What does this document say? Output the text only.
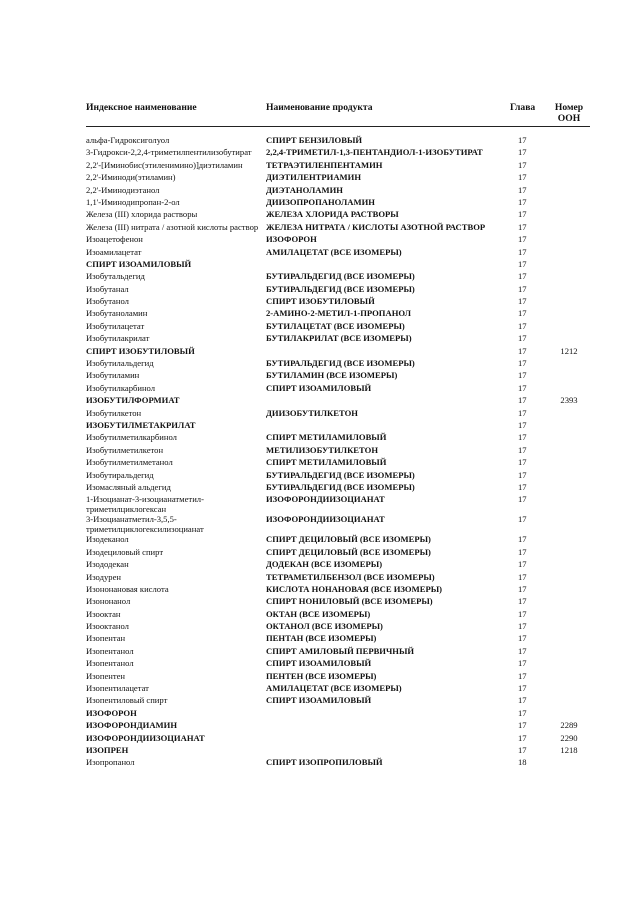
Индексное наименование	Наименование продукта	Глава	Номер ООН
альфа-Гидроксиголуол	СПИРТ БЕНЗИЛОВЫЙ	17	
3-Гидрокси-2,2,4-триметилпентилизобутират	2,2,4-ТРИМЕТИЛ-1,3-ПЕНТАНДИОЛ-1-ИЗОБУТИРАТ	17	
2,2'-[Иминобис(этиленимино)]диэтиламин	ТЕТРАЭТИЛЕНПЕНТАМИН	17	
2,2'-Иминоди(этиламин)	ДИЭТИЛЕНТРИАМИН	17	
2,2'-Иминодиэтанол	ДИЭТАНОЛАМИН	17	
1,1'-Иминодипропан-2-ол	ДИИЗОПРОПАНОЛАМИН	17	
Железа (III) хлорида растворы	ЖЕЛЕЗА ХЛОРИДА РАСТВОРЫ	17	
Железа (III) нитрата / азотной кислоты раствор	ЖЕЛЕЗА НИТРАТА / КИСЛОТЫ АЗОТНОЙ РАСТВОР	17	
Изоацетофенон	ИЗОФОРОН	17	
Изоамилацетат	АМИЛАЦЕТАТ (ВСЕ ИЗОМЕРЫ)	17	
СПИРТ ИЗОАМИЛОВЫЙ		17	
Изобутальдегид	БУТИРАЛЬДЕГИД (ВСЕ ИЗОМЕРЫ)	17	
Изобутанал	БУТИРАЛЬДЕГИД (ВСЕ ИЗОМЕРЫ)	17	
Изобутанол	СПИРТ ИЗОБУТИЛОВЫЙ	17	
Изобутаноламин	2-АМИНО-2-МЕТИЛ-1-ПРОПАНОЛ	17	
Изобутилацетат	БУТИЛАЦЕТАТ (ВСЕ ИЗОМЕРЫ)	17	
Изобутилакрилат	БУТИЛАКРИЛАТ (ВСЕ ИЗОМЕРЫ)	17	
СПИРТ ИЗОБУТИЛОВЫЙ		17	1212
Изобутилальдегид	БУТИРАЛЬДЕГИД (ВСЕ ИЗОМЕРЫ)	17	
Изобутиламин	БУТИЛАМИН (ВСЕ ИЗОМЕРЫ)	17	
Изобутилкарбинол	СПИРТ ИЗОАМИЛОВЫЙ	17	
ИЗОБУТИЛФОРМИАТ		17	2393
Изобутилкетон	ДИИЗОБУТИЛКЕТОН	17	
ИЗОБУТИЛМЕТАКРИЛАТ		17	
Изобутилметилкарбинол	СПИРТ МЕТИЛАМИЛОВЫЙ	17	
Изобутилметилкетон	МЕТИЛИЗОБУТИЛКЕТОН	17	
Изобутилметилметанол	СПИРТ МЕТИЛАМИЛОВЫЙ	17	
Изобутиральдегид	БУТИРАЛЬДЕГИД (ВСЕ ИЗОМЕРЫ)	17	
Изомасляный альдегид	БУТИРАЛЬДЕГИД (ВСЕ ИЗОМЕРЫ)	17	
1-Изоцианат-3-изоцианатметил-триметилциклогексан	ИЗОФОРОНДИИЗОЦИАНАТ	17	
3-Изоцианатметил-3,5,5-триметилциклогексилизоцианат	ИЗОФОРОНДИИЗОЦИАНАТ	17	
Изодеканол	СПИРТ ДЕЦИЛОВЫЙ (ВСЕ ИЗОМЕРЫ)	17	
Изодециловый спирт	СПИРТ ДЕЦИЛОВЫЙ (ВСЕ ИЗОМЕРЫ)	17	
Изододекан	ДОДЕКАН (ВСЕ ИЗОМЕРЫ)	17	
Изодурен	ТЕТРАМЕТИЛБЕНЗОЛ (ВСЕ ИЗОМЕРЫ)	17	
Изононановая кислота	КИСЛОТА НОНАНОВАЯ (ВСЕ ИЗОМЕРЫ)	17	
Изононанол	СПИРТ НОНИЛОВЫЙ (ВСЕ ИЗОМЕРЫ)	17	
Изооктан	ОКТАН (ВСЕ ИЗОМЕРЫ)	17	
Изооктанол	ОКТАНОЛ (ВСЕ ИЗОМЕРЫ)	17	
Изопентан	ПЕНТАН (ВСЕ ИЗОМЕРЫ)	17	
Изопентанол	СПИРТ АМИЛОВЫЙ ПЕРВИЧНЫЙ	17	
Изопентанол	СПИРТ ИЗОАМИЛОВЫЙ	17	
Изопентен	ПЕНТЕН (ВСЕ ИЗОМЕРЫ)	17	
Изопентилацетат	АМИЛАЦЕТАТ (ВСЕ ИЗОМЕРЫ)	17	
Изопентиловый спирт	СПИРТ ИЗОАМИЛОВЫЙ	17	
ИЗОФОРОН		17	
ИЗОФОРОНДИАМИН		17	2289
ИЗОФОРОНДИИЗОЦИАНАТ		17	2290
ИЗОПРЕН		17	1218
Изопропанол	СПИРТ ИЗОПРОПИЛОВЫЙ	18	
